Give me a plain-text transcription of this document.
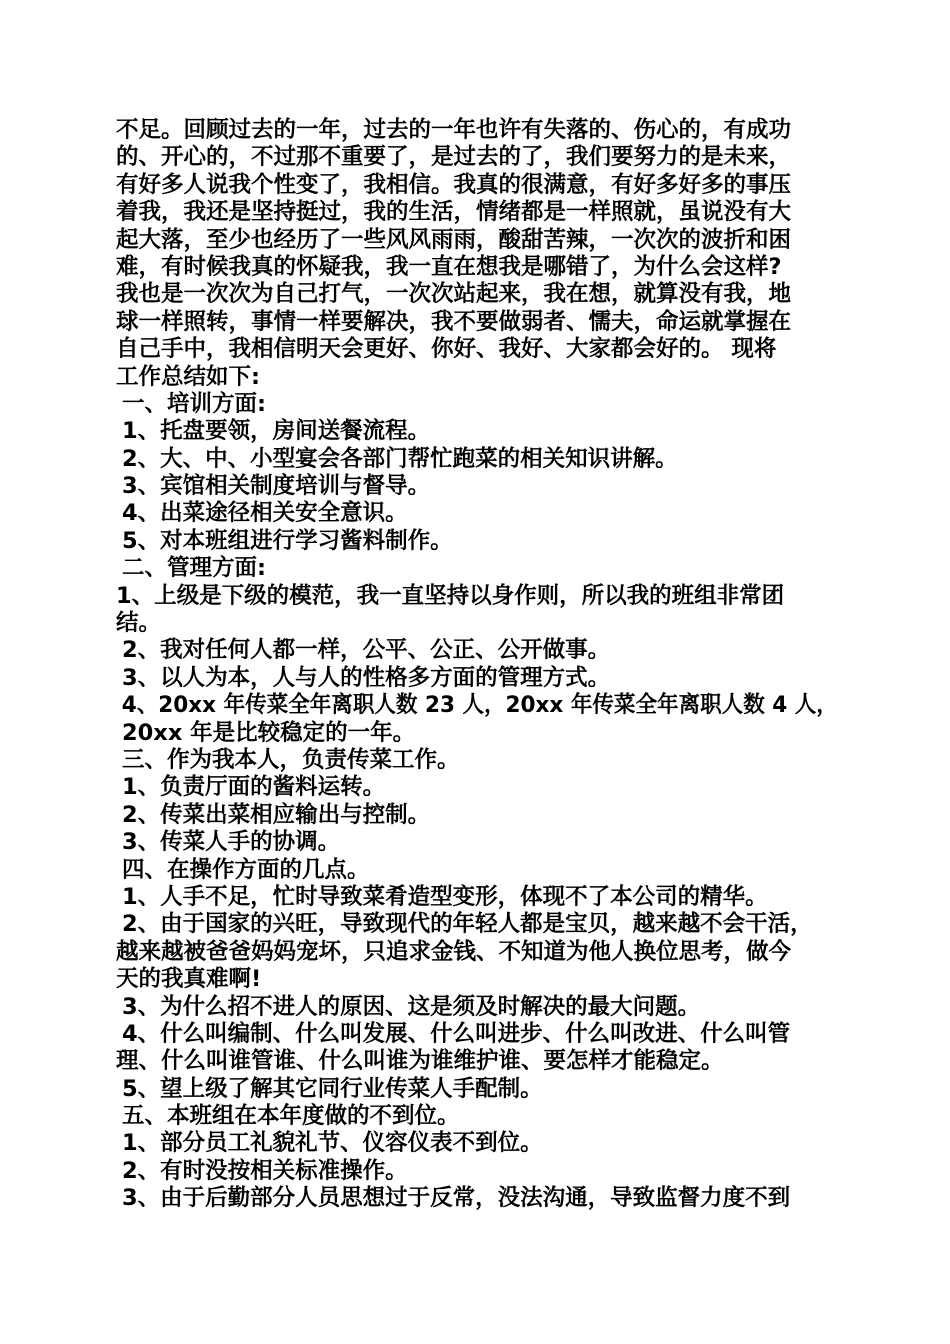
不足。回顾过去的一年，过去的一年也许有失落的、伤心的，有成功
的、开心的，不过那不重要了，是过去的了，我们要努力的是未来，
有好多人说我个性变了，我相信。我真的很满意，有好多好多的事压
着我，我还是坚持挺过，我的生活，情绪都是一样照就，虽说没有大
起大落，至少也经历了一些风风雨雨，酸甜苦辣，一次次的波折和困
难，有时候我真的怀疑我，我一直在想我是哪错了，为什么会这样?
我也是一次次为自己打气，一次次站起来，我在想，就算没有我，地
球一样照转，事情一样要解决，我不要做弱者、懦夫，命运就掌握在
自己手中，我相信明天会更好、你好、我好、大家都会好的。 现将
工作总结如下:
一、培训方面:
1、托盘要领，房间送餐流程。
2、大、中、小型宴会各部门帮忙跑菜的相关知识讲解。
3、宾馆相关制度培训与督导。
4、出菜途径相关安全意识。
5、对本班组进行学习酱料制作。
二、管理方面:
1、上级是下级的模范，我一直坚持以身作则，所以我的班组非常团
结。
2、我对任何人都一样，公平、公正、公开做事。
3、以人为本，人与人的性格多方面的管理方式。
4、20xx 年传菜全年离职人数 23 人，20xx 年传菜全年离职人数 4 人，
20xx 年是比较稳定的一年。
三、作为我本人，负责传菜工作。
1、负责厅面的酱料运转。
2、传菜出菜相应输出与控制。
3、传菜人手的协调。
四、在操作方面的几点。
1、人手不足，忙时导致菜肴造型变形，体现不了本公司的精华。
2、由于国家的兴旺，导致现代的年轻人都是宝贝，越来越不会干活，
越来越被爸爸妈妈宠坏，只追求金钱、不知道为他人换位思考，做今
天的我真难啊!
3、为什么招不进人的原因、这是须及时解决的最大问题。
4、什么叫编制、什么叫发展、什么叫进步、什么叫改进、什么叫管
理、什么叫谁管谁、什么叫谁为谁维护谁、要怎样才能稳定。
5、望上级了解其它同行业传菜人手配制。
五、本班组在本年度做的不到位。
1、部分员工礼貌礼节、仪容仪表不到位。
2、有时没按相关标准操作。
3、由于后勤部分人员思想过于反常，没法沟通，导致监督力度不到
